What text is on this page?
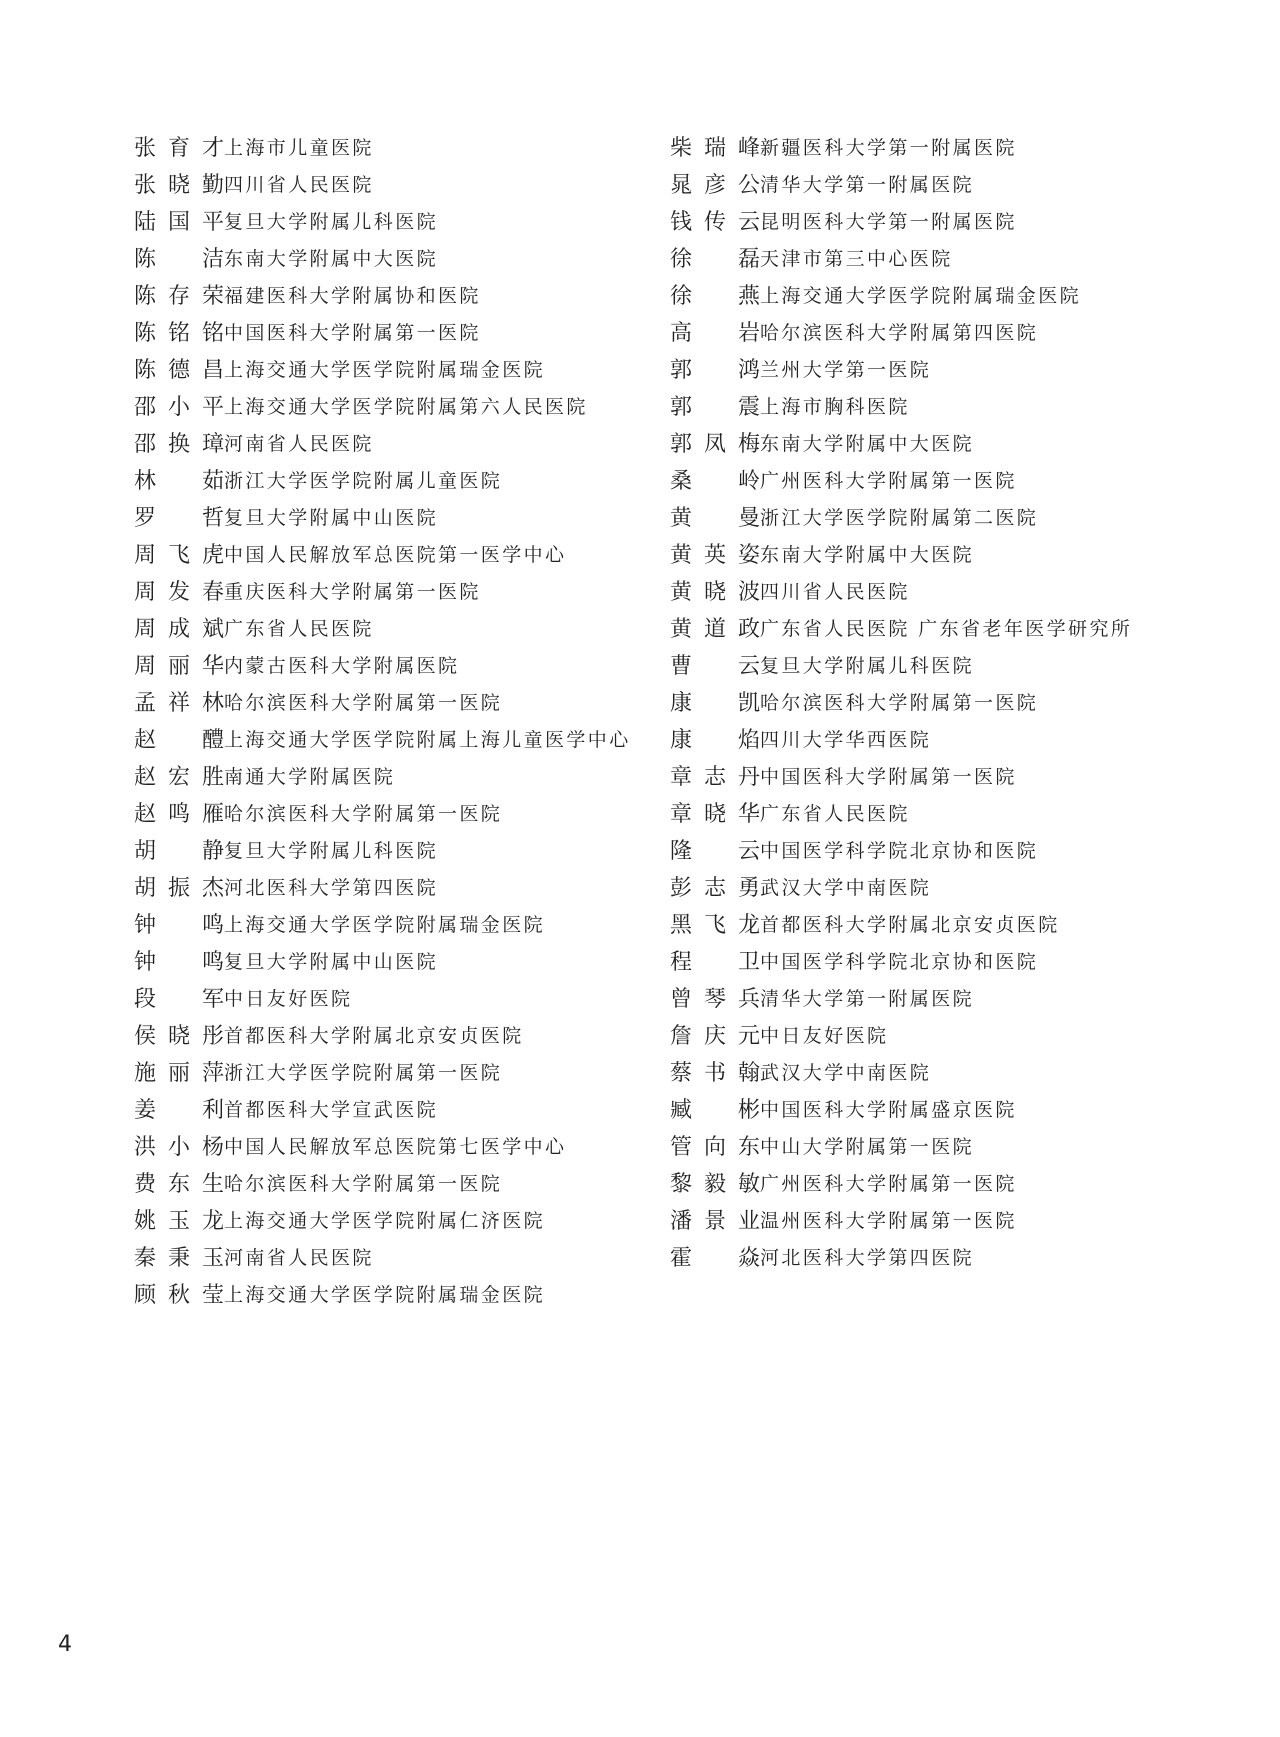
张育才 上海市儿童医院
张晓勤 四川省人民医院
陆国平 复旦大学附属儿科医院
陈　洁 东南大学附属中大医院
陈存荣 福建医科大学附属协和医院
陈铭铭 中国医科大学附属第一医院
陈德昌 上海交通大学医学院附属瑞金医院
邵小平 上海交通大学医学院附属第六人民医院
邵换璋 河南省人民医院
林　茹 浙江大学医学院附属儿童医院
罗　哲 复旦大学附属中山医院
周飞虎 中国人民解放军总医院第一医学中心
周发春 重庆医科大学附属第一医院
周成斌 广东省人民医院
周丽华 内蒙古医科大学附属医院
孟祥林 哈尔滨医科大学附属第一医院
赵　醴 上海交通大学医学院附属上海儿童医学中心
赵宏胜 南通大学附属医院
赵鸣雁 哈尔滨医科大学附属第一医院
胡　静 复旦大学附属儿科医院
胡振杰 河北医科大学第四医院
钟　鸣 上海交通大学医学院附属瑞金医院
钟　鸣 复旦大学附属中山医院
段　军 中日友好医院
侯晓彤 首都医科大学附属北京安贞医院
施丽萍 浙江大学医学院附属第一医院
姜　利 首都医科大学宣武医院
洪小杨 中国人民解放军总医院第七医学中心
费东生 哈尔滨医科大学附属第一医院
姚玉龙 上海交通大学医学院附属仁济医院
秦秉玉 河南省人民医院
顾秋莹 上海交通大学医学院附属瑞金医院
柴瑞峰 新疆医科大学第一附属医院
晁彦公 清华大学第一附属医院
钱传云 昆明医科大学第一附属医院
徐　磊 天津市第三中心医院
徐　燕 上海交通大学医学院附属瑞金医院
高　岩 哈尔滨医科大学附属第四医院
郭　鸿 兰州大学第一医院
郭　震 上海市胸科医院
郭凤梅 东南大学附属中大医院
桑　岭 广州医科大学附属第一医院
黄　曼 浙江大学医学院附属第二医院
黄英姿 东南大学附属中大医院
黄晓波 四川省人民医院
黄道政 广东省人民医院 广东省老年医学研究所
曹　云 复旦大学附属儿科医院
康　凯 哈尔滨医科大学附属第一医院
康　焰 四川大学华西医院
章志丹 中国医科大学附属第一医院
章晓华 广东省人民医院
隆　云 中国医学科学院北京协和医院
彭志勇 武汉大学中南医院
黑飞龙 首都医科大学附属北京安贞医院
程　卫 中国医学科学院北京协和医院
曾琴兵 清华大学第一附属医院
詹庆元 中日友好医院
蔡书翰 武汉大学中南医院
臧　彬 中国医科大学附属盛京医院
管向东 中山大学附属第一医院
黎毅敏 广州医科大学附属第一医院
潘景业 温州医科大学附属第一医院
霍　焱 河北医科大学第四医院
4
